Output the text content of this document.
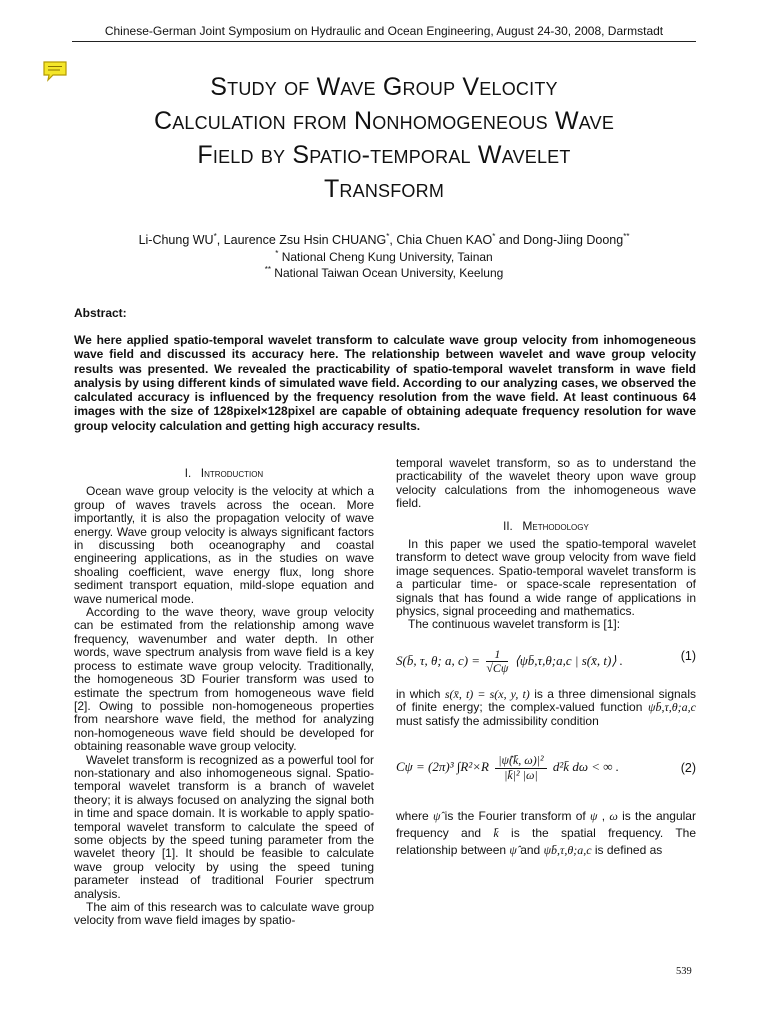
Chinese-German Joint Symposium on Hydraulic and Ocean Engineering, August 24-30, 2008, Darmstadt
Study of Wave Group Velocity
Calculation from Nonhomogeneous Wave
Field by Spatio-temporal Wavelet
Transform
Li-Chung WU*, Laurence Zsu Hsin CHUANG*, Chia Chuen KAO* and Dong-Jiing Doong**
* National Cheng Kung University, Tainan
** National Taiwan Ocean University, Keelung
Abstract:
We here applied spatio-temporal wavelet transform to calculate wave group velocity from inhomogeneous wave field and discussed its accuracy here. The relationship between wavelet and wave group velocity results was presented. We revealed the practicability of spatio-temporal wavelet transform in wave field analysis by using different kinds of simulated wave field. According to our analyzing cases, we observed the calculated accuracy is influenced by the frequency resolution from the wave field. At least continuous 64 images with the size of 128pixel×128pixel are capable of obtaining adequate frequency resolution for wave group velocity calculation and getting high accuracy results.
I. Introduction

Ocean wave group velocity is the velocity at which a group of waves travels across the ocean. More importantly, it is also the propagation velocity of wave energy. Wave group velocity is always significant factors in discussing both oceanography and coastal engineering applications, as in the studies on wave shoaling coefficient, wave energy flux, long shore sediment transport equation, mild-slope equation and wave numerical mode.

According to the wave theory, wave group velocity can be estimated from the relationship among wave frequency, wavenumber and water depth. In other words, wave spectrum analysis from wave field is a key process to estimate wave group velocity. Traditionally, the homogeneous 3D Fourier transform was used to estimate the spectrum from homogeneous wave field [2]. Owing to possible non-homogeneous properties from nearshore wave field, the method for analyzing non-homogeneous wave field should be developed for obtaining reasonable wave group velocity.

Wavelet transform is recognized as a powerful tool for non-stationary and also inhomogeneous signal. Spatio-temporal wavelet transform is a branch of wavelet theory; it is always focused on analyzing the signal both in time and space domain. It is workable to apply spatio-temporal wavelet transform to calculate the speed of some objects by the speed tuning parameter from the wavelet theory [1]. It should be feasible to calculate wave group velocity by using the speed tuning parameter instead of traditional Fourier spectrum analysis.

The aim of this research was to calculate wave group velocity from wave field images by spatio-

temporal wavelet transform, so as to understand the practicability of the wavelet theory upon wave group velocity calculations from the inhomogeneous wave field.

II. Methodology

In this paper we used the spatio-temporal wavelet transform to detect wave group velocity from wave field image sequences. Spatio-temporal wavelet transform is a particular time- or space-scale representation of signals that has found a wide range of applications in physics, signal proceeding and mathematics.

The continuous wavelet transform is [1]:

S(b̄, τ, θ; a, $c) = \frac{1}{√C\psi}$ ⟨ψb̄,τ,θ;a,c | s(x̄, t)⟩ .	(1)

in which s(x̄, t) = s(x, y, t) is a three dimensional signals of finite energy; the complex-valued function ψb̄,τ,θ;a,c must satisfy the admissibility condition

Cψ = (2π)³ $\int R^2\times R \frac{\text{|ψ̂(k̄, ω)|²}}{\text{|k̄|² |ω|}}$ d²k̄ dω < ∞ .	(2)

where ψ̂ is the Fourier transform of ψ , ω is the angular frequency and k̄ is the spatial frequency. The relationship between ψ̂ and ψb̄,τ,θ;a,c is defined as

539
